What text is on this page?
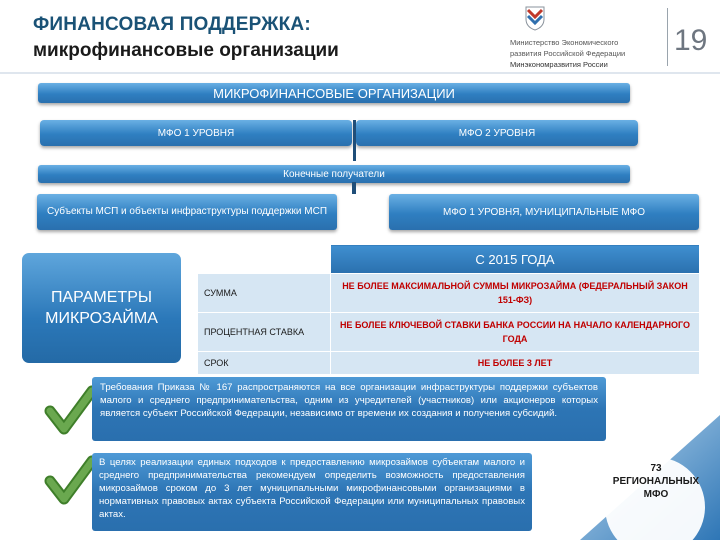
ФИНАНСОВАЯ ПОДДЕРЖКА:
микрофинансовые организации	Министерство Экономического
развития Российской Федерации
Минэкономразвития России
19
МИКРОФИНАНСОВЫЕ ОРГАНИЗАЦИИ
МФО 1 УРОВНЯ	МФО 2 УРОВНЯ
Конечные получатели
Субъекты МСП и объекты инфраструктуры поддержки МСП	МФО 1 УРОВНЯ, МУНИЦИПАЛЬНЫЕ МФО
ПАРАМЕТРЫ МИКРОЗАЙМА
	С 2015 ГОДА
СУММА	НЕ БОЛЕЕ МАКСИМАЛЬНОЙ СУММЫ МИКРОЗАЙМА (ФЕДЕРАЛЬНЫЙ ЗАКОН 151-ФЗ)
ПРОЦЕНТНАЯ СТАВКА	НЕ БОЛЕЕ КЛЮЧЕВОЙ СТАВКИ БАНКА РОССИИ НА НАЧАЛО КАЛЕНДАРНОГО ГОДА
СРОК	НЕ БОЛЕЕ 3 ЛЕТ
Требования Приказа № 167 распространяются на все организации инфраструктуры поддержки субъектов малого и среднего предпринимательства, одним из учредителей (участников) или акционеров которых является субъект Российской Федерации, независимо от времени их создания и получения субсидий.
В целях реализации единых подходов к предоставлению микрозаймов субъектам малого и среднего предпринимательства рекомендуем определить возможность предоставления микрозаймов сроком до 3 лет муниципальными микрофинансовыми организациями в нормативных правовых актах субъекта Российской Федерации или муниципальных правовых актах.
73
РЕГИОНАЛЬНЫХ
МФО
